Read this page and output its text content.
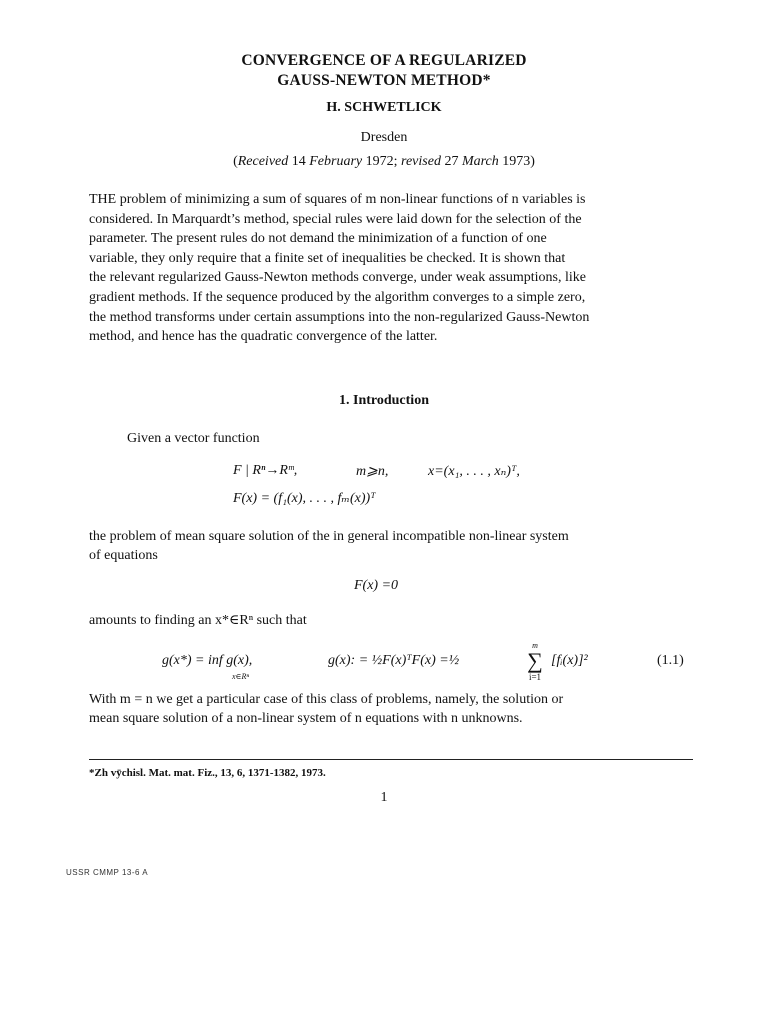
CONVERGENCE OF A REGULARIZED
GAUSS-NEWTON METHOD*
H. SCHWETLICK
Dresden
(Received 14 February 1972; revised 27 March 1973)
THE problem of minimizing a sum of squares of m non-linear functions of n variables is
considered. In Marquardt’s method, special rules were laid down for the selection of the
parameter. The present rules do not demand the minimization of a function of one
variable, they only require that a finite set of inequalities be checked. It is shown that
the relevant regularized Gauss-Newton methods converge, under weak assumptions, like
gradient methods. If the sequence produced by the algorithm converges to a simple zero,
the method transforms under certain assumptions into the non-regularized Gauss-Newton
method, and hence has the quadratic convergence of the latter.
1. Introduction
Given a vector function
F | Rⁿ→Rᵐ,	m⩾n,	x=(x₁, . . . , xₙ)ᵀ,
F(x) = (f₁(x), . . . , fₘ(x))ᵀ
the problem of mean square solution of the in general incompatible non-linear system
of equations
F(x) =0
amounts to finding an x*∈Rⁿ such that
g(x*) = inf g(x),
x∈Rⁿ
g(x): = ½F(x)ᵀF(x) =½
m
∑
i=1
[fᵢ(x)]²	(1.1)
With m = n we get a particular case of this class of problems, namely, the solution or
mean square solution of a non-linear system of n equations with n unknowns.
*Zh vȳchisl. Mat. mat. Fiz., 13, 6, 1371-1382, 1973.
1
USSR CMMP 13-6 A
